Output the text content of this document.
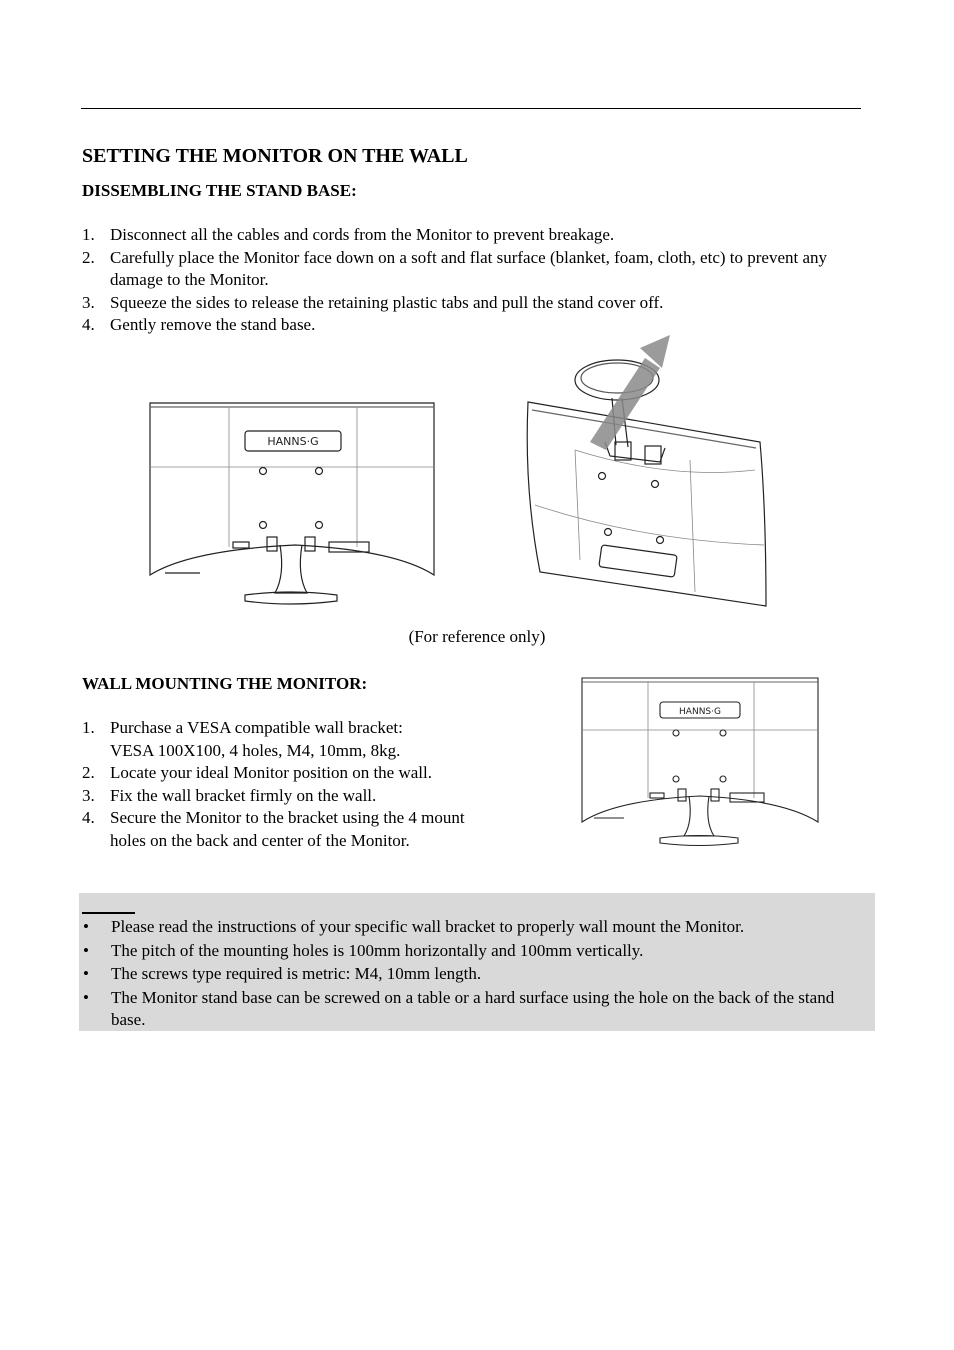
SETTING THE MONITOR ON THE WALL
DISSEMBLING THE STAND BASE:
1. Disconnect all the cables and cords from the Monitor to prevent breakage.
2. Carefully place the Monitor face down on a soft and flat surface (blanket, foam, cloth, etc) to prevent any damage to the Monitor.
3. Squeeze the sides to release the retaining plastic tabs and pull the stand cover off.
4. Gently remove the stand base.
HANNS·G
(For reference only)
WALL MOUNTING THE MONITOR:
1. Purchase a VESA compatible wall bracket:
VESA 100X100, 4 holes, M4, 10mm, 8kg.
2. Locate your ideal Monitor position on the wall.
3. Fix the wall bracket firmly on the wall.
4. Secure the Monitor to the bracket using the 4 mount
holes on the back and center of the Monitor.
HANNS·G
• Please read the instructions of your specific wall bracket to properly wall mount the Monitor.
• The pitch of the mounting holes is 100mm horizontally and 100mm vertically.
• The screws type required is metric: M4, 10mm length.
• The Monitor stand base can be screwed on a table or a hard surface using the hole on the back of the stand base.
